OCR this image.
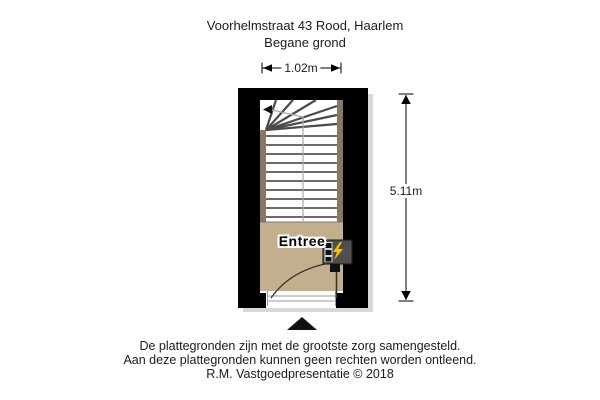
Voorhelmstraat 43 Rood, Haarlem
Begane grond
1.02m
5.11m
Entree
De plattegronden zijn met de grootste zorg samengesteld.
Aan deze plattegronden kunnen geen rechten worden ontleend.
R.M. Vastgoedpresentatie © 2018
